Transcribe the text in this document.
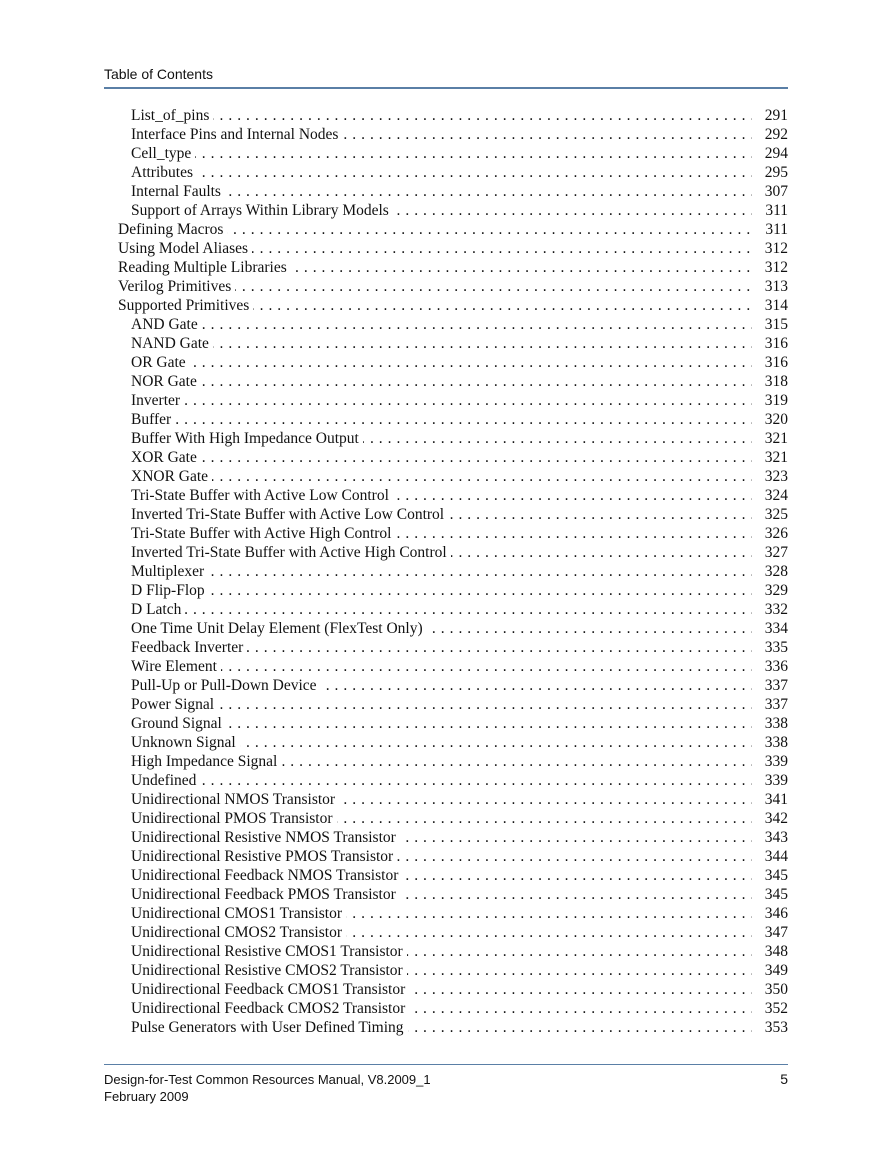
Table of Contents
List_of_pins . . .	291
Interface Pins and Internal Nodes . . .	292
Cell_type . . .	294
Attributes . . .	295
Internal Faults . . .	307
Support of Arrays Within Library Models . . .	311
Defining Macros . . .	311
Using Model Aliases . . .	312
Reading Multiple Libraries . . .	312
Verilog Primitives . . .	313
Supported Primitives . . .	314
AND Gate . . .	315
NAND Gate . . .	316
OR Gate . . .	316
NOR Gate . . .	318
Inverter . . .	319
Buffer . . .	320
Buffer With High Impedance Output . . .	321
XOR Gate . . .	321
XNOR Gate . . .	323
Tri-State Buffer with Active Low Control . . .	324
Inverted Tri-State Buffer with Active Low Control . . .	325
Tri-State Buffer with Active High Control . . .	326
Inverted Tri-State Buffer with Active High Control . . .	327
Multiplexer . . .	328
D Flip-Flop . . .	329
D Latch . . .	332
One Time Unit Delay Element (FlexTest Only) . . .	334
Feedback Inverter . . .	335
Wire Element . . .	336
Pull-Up or Pull-Down Device . . .	337
Power Signal . . .	337
Ground Signal . . .	338
Unknown Signal . . .	338
High Impedance Signal . . .	339
Undefined . . .	339
Unidirectional NMOS Transistor . . .	341
Unidirectional PMOS Transistor . . .	342
Unidirectional Resistive NMOS Transistor . . .	343
Unidirectional Resistive PMOS Transistor . . .	344
Unidirectional Feedback NMOS Transistor . . .	345
Unidirectional Feedback PMOS Transistor . . .	345
Unidirectional CMOS1 Transistor . . .	346
Unidirectional CMOS2 Transistor . . .	347
Unidirectional Resistive CMOS1 Transistor . . .	348
Unidirectional Resistive CMOS2 Transistor . . .	349
Unidirectional Feedback CMOS1 Transistor . . .	350
Unidirectional Feedback CMOS2 Transistor . . .	352
Pulse Generators with User Defined Timing . . .	353
Design-for-Test Common Resources Manual, V8.2009_1
February 2009
5
